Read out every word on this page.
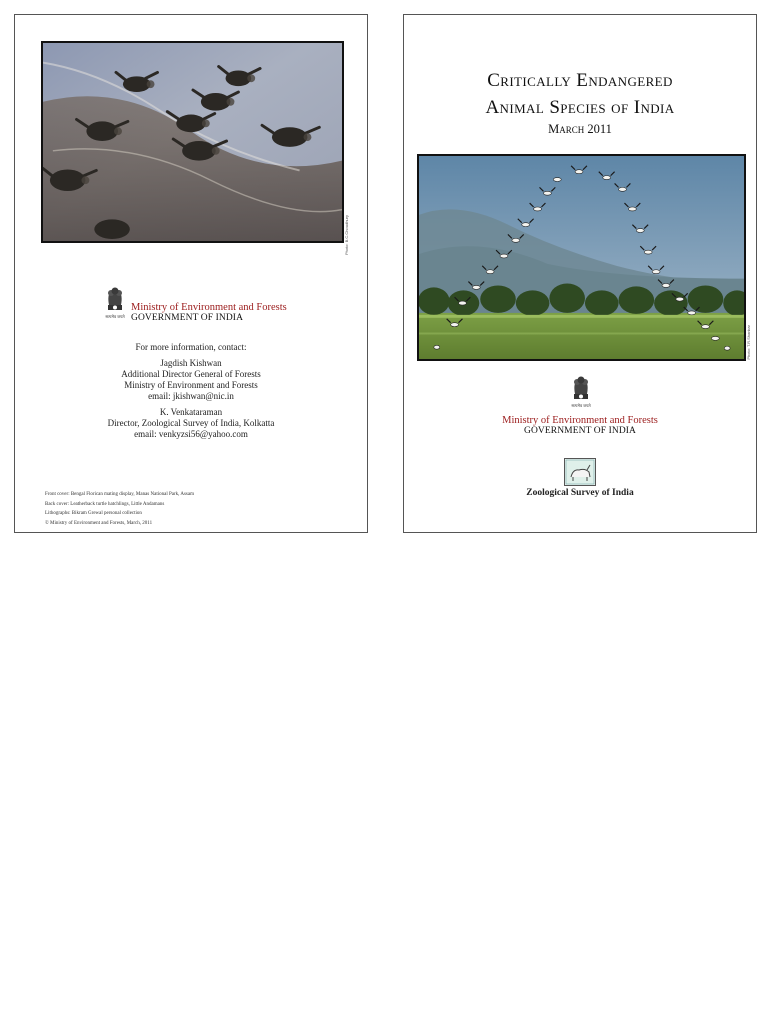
Photo: B.C.Choudhury
सत्यमेव जयते
Ministry of Environment and Forests
GOVERNMENT OF INDIA

For more information, contact:

Jagdish Kishwan

Additional Director General of Forests

Ministry of Environment and Forests

email: jkishwan@nic.in

K. Venkataraman

Director, Zoological Survey of India, Kolkatta

email: venkyzsi56@yahoo.com

Front cover: Bengal Florican mating display, Manas National Park, Assam

Back cover: Leatherback turtle hatchlings, Little Andamans

Lithographs: Bikram Grewal personal collection

© Ministry of Environment and Forests, March, 2011

Critically Endangered
Animal Species of India
March 2011
Photo: T.R.Shankar
सत्यमेव जयते
Ministry of Environment and Forests
GOVERNMENT OF INDIA
Zoological Survey of India
